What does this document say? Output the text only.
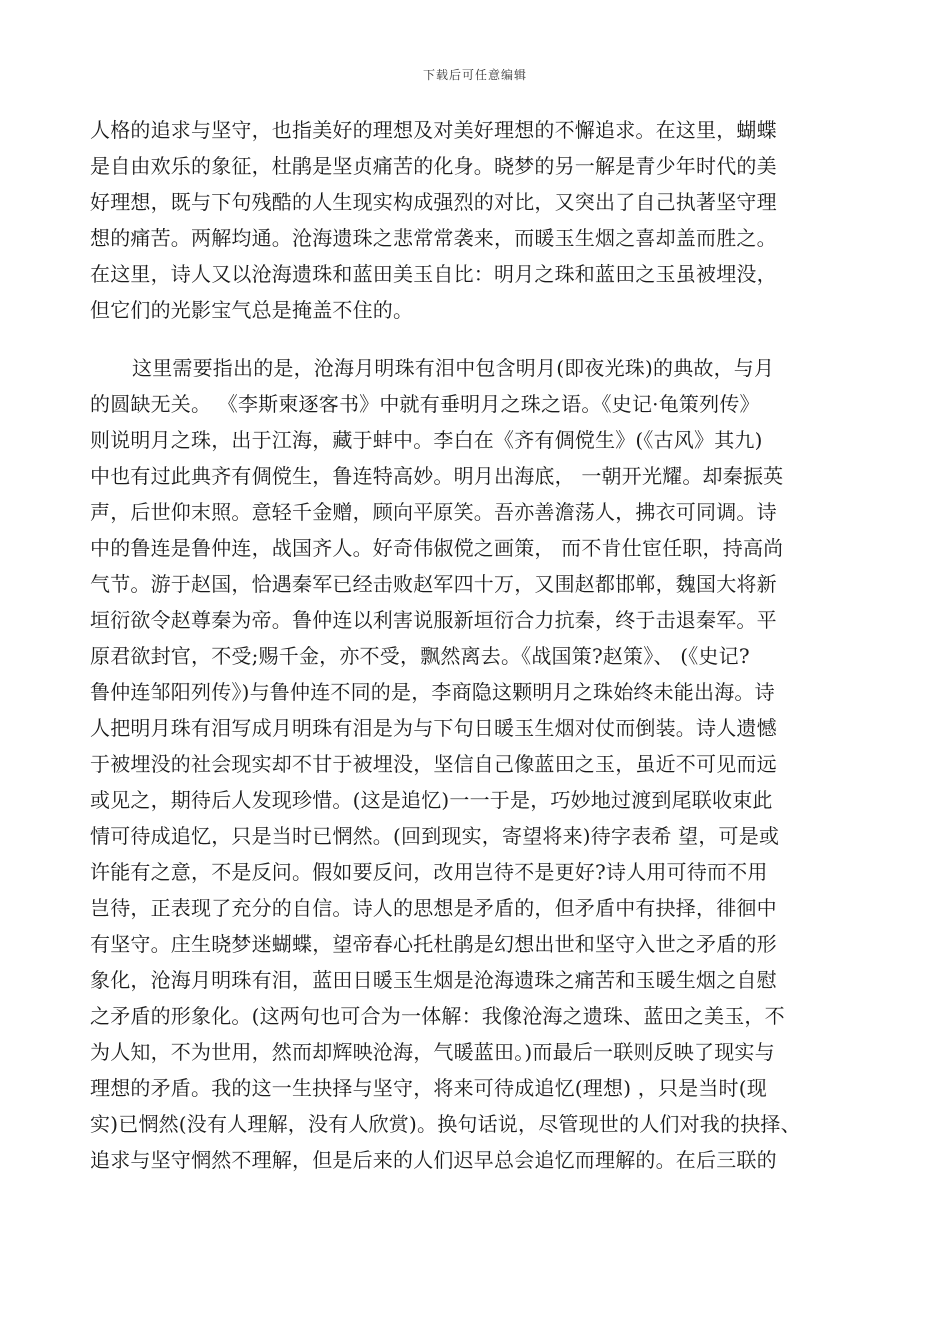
下载后可任意编辑
人格的追求与坚守，也指美好的理想及对美好理想的不懈追求。在这里，蝴蝶
是自由欢乐的象征，杜鹃是坚贞痛苦的化身。晓梦的另一解是青少年时代的美
好理想，既与下句残酷的人生现实构成强烈的对比，又突出了自己执著坚守理
想的痛苦。两解均通。沧海遗珠之悲常常袭来，而暖玉生烟之喜却盖而胜之。
在这里，诗人又以沧海遗珠和蓝田美玉自比：明月之珠和蓝田之玉虽被埋没，
但它们的光影宝气总是掩盖不住的。
这里需要指出的是，沧海月明珠有泪中包含明月(即夜光珠)的典故，与月
的圆缺无关。 《李斯柬逐客书》中就有垂明月之珠之语。《史记·龟策列传》
则说明月之珠，出于江海，藏于蚌中。李白在《齐有倜傥生》(《古风》其九)
中也有过此典齐有倜傥生，鲁连特高妙。明月出海底， 一朝开光耀。却秦振英
声，后世仰末照。意轻千金赠，顾向平原笑。吾亦善澹荡人，拂衣可同调。诗
中的鲁连是鲁仲连，战国齐人。好奇伟俶傥之画策， 而不肯仕宦任职，持高尚
气节。游于赵国，恰遇秦军已经击败赵军四十万，又围赵都邯郸，魏国大将新
垣衍欲令赵尊秦为帝。鲁仲连以利害说服新垣衍合力抗秦，终于击退秦军。平
原君欲封官，不受;赐千金，亦不受，飘然离去。《战国策?赵策》、 (《史记?
鲁仲连邹阳列传》)与鲁仲连不同的是，李商隐这颗明月之珠始终未能出海。诗
人把明月珠有泪写成月明珠有泪是为与下句日暖玉生烟对仗而倒装。诗人遗憾
于被埋没的社会现实却不甘于被埋没，坚信自己像蓝田之玉，虽近不可见而远
或见之，期待后人发现珍惜。(这是追忆)一一于是，巧妙地过渡到尾联收束此
情可待成追忆，只是当时已惘然。(回到现实，寄望将来)待字表希 望，可是或
许能有之意，不是反问。假如要反问，改用岂待不是更好?诗人用可待而不用
岂待，正表现了充分的自信。诗人的思想是矛盾的，但矛盾中有抉择，徘徊中
有坚守。庄生晓梦迷蝴蝶，望帝春心托杜鹃是幻想出世和坚守入世之矛盾的形
象化，沧海月明珠有泪，蓝田日暖玉生烟是沧海遗珠之痛苦和玉暖生烟之自慰
之矛盾的形象化。(这两句也可合为一体解：我像沧海之遗珠、蓝田之美玉，不
为人知，不为世用，然而却辉映沧海，气暖蓝田。)而最后一联则反映了现实与
理想的矛盾。我的这一生抉择与坚守，将来可待成追忆(理想) ，只是当时(现
实)已惘然(没有人理解，没有人欣赏)。换句话说，尽管现世的人们对我的抉择、
追求与坚守惘然不理解，但是后来的人们迟早总会追忆而理解的。在后三联的
